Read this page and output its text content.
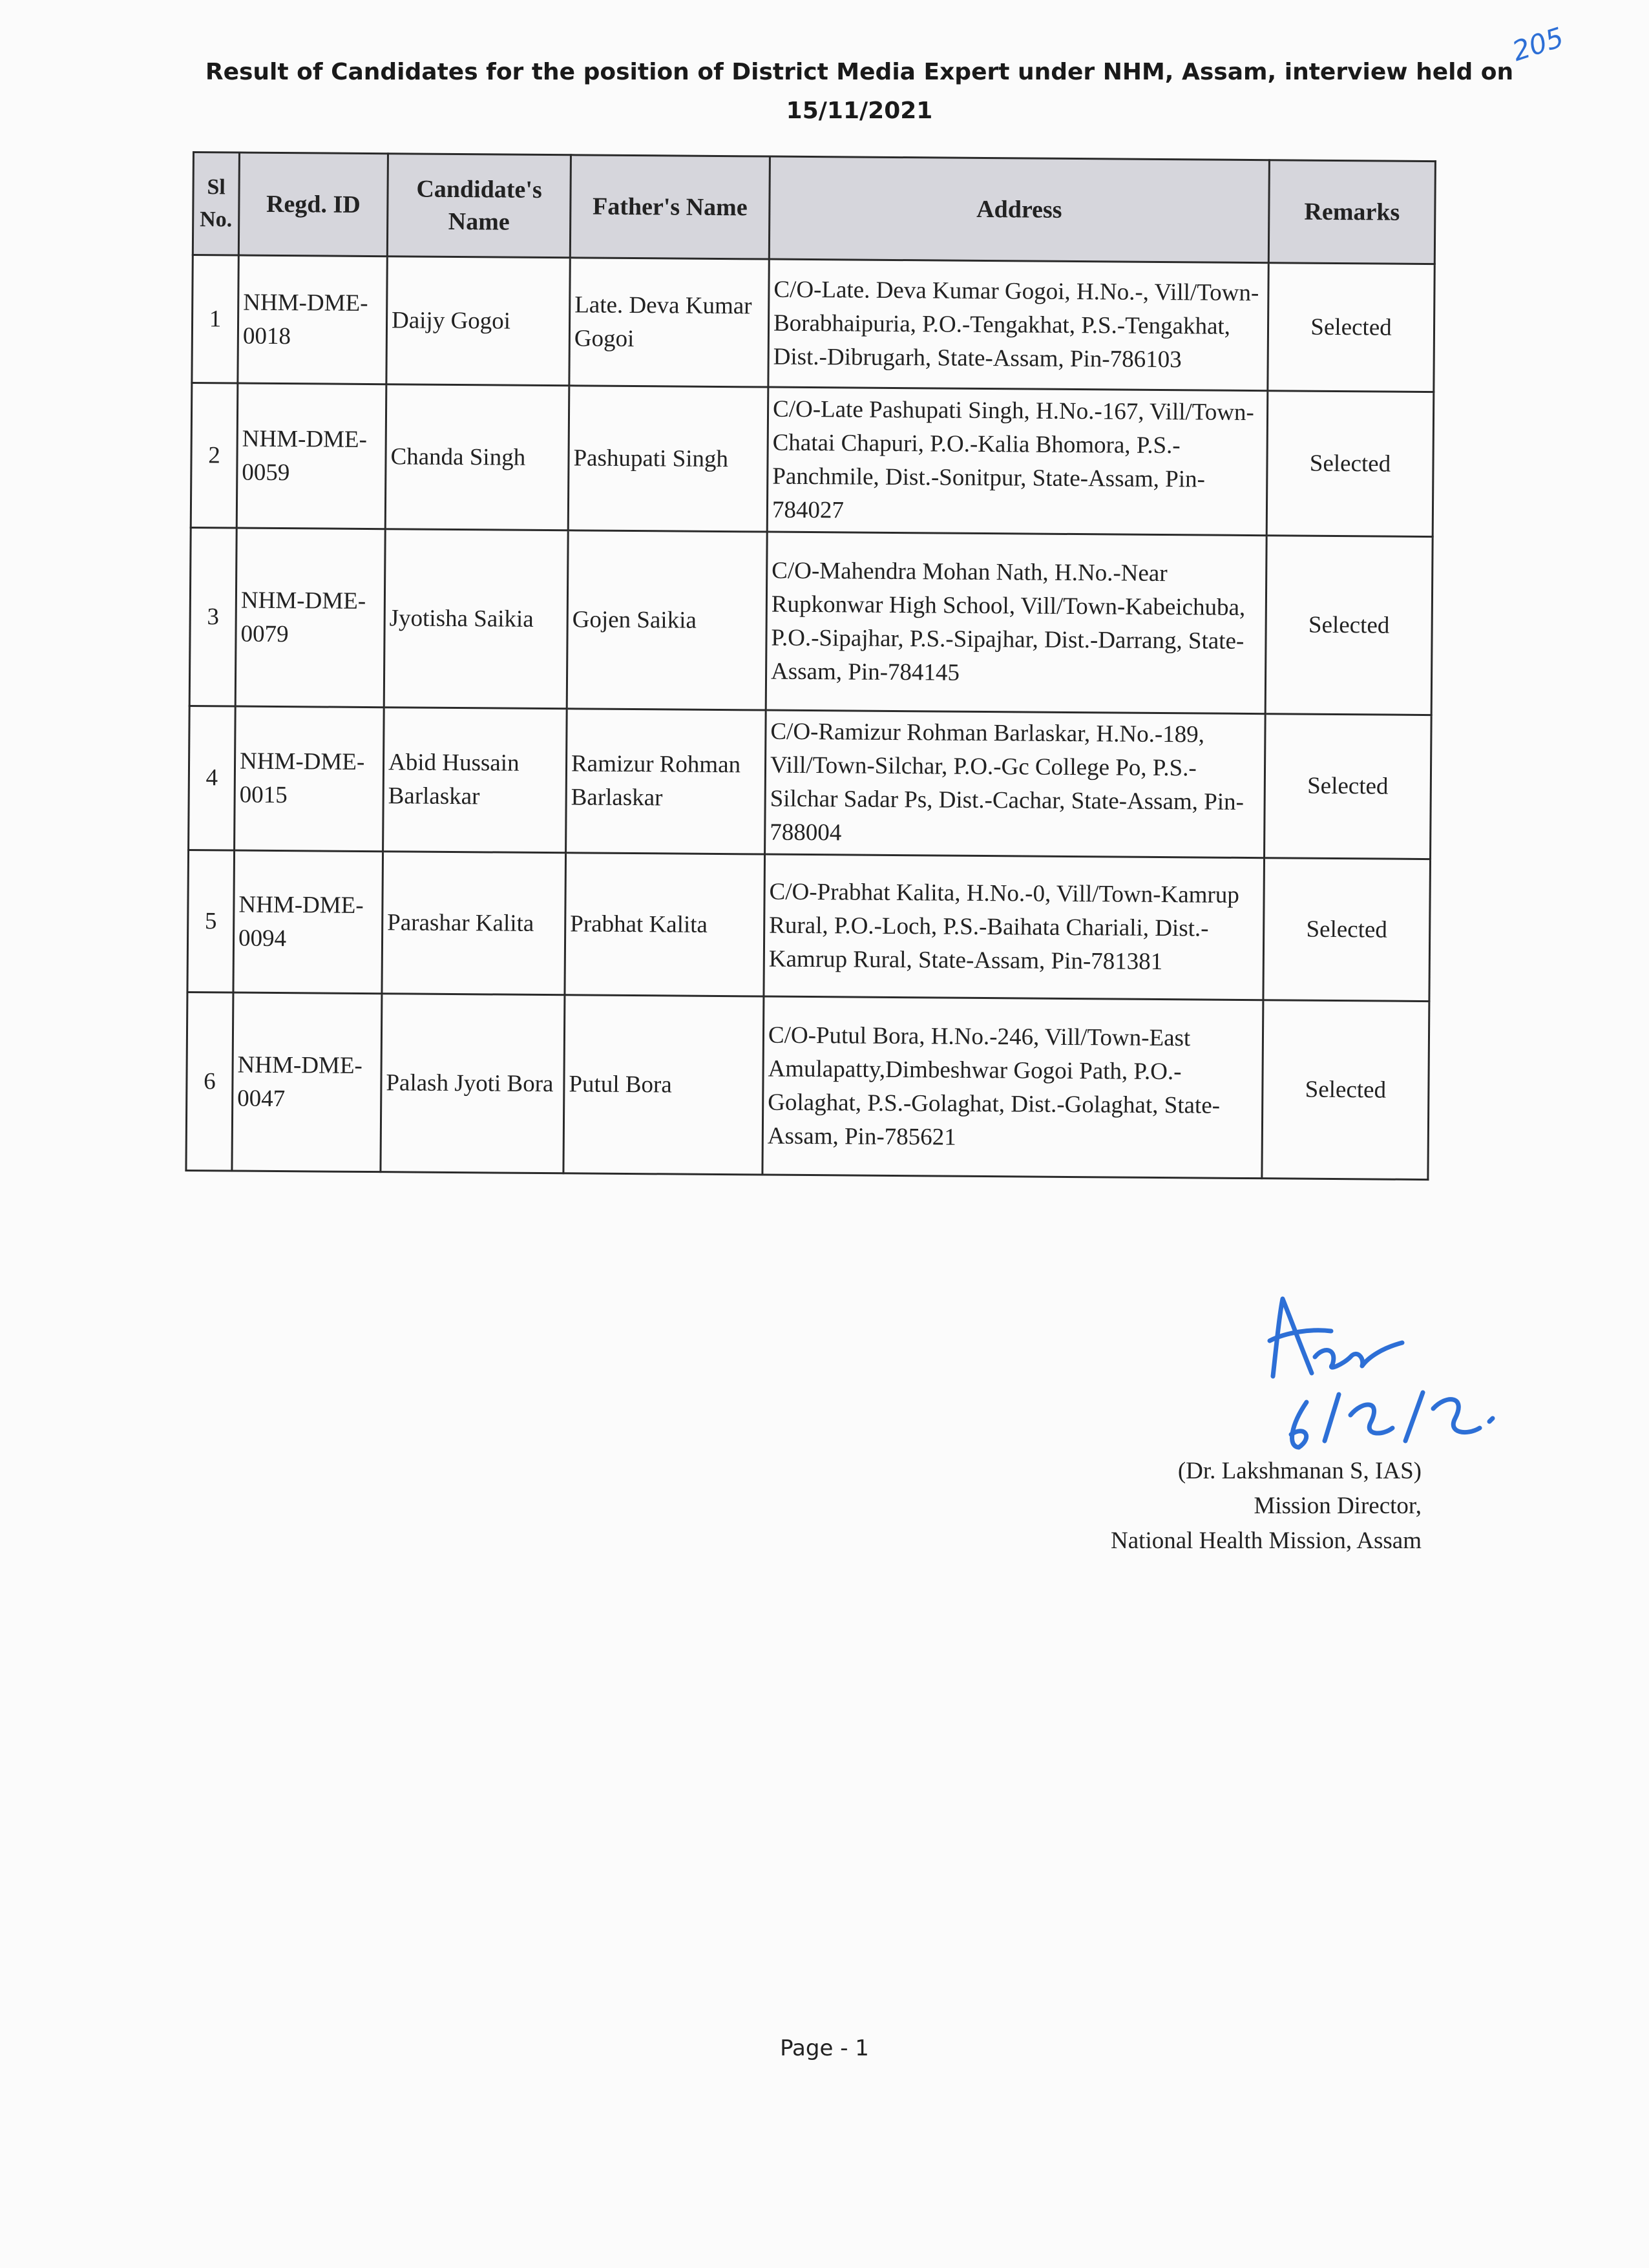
205
Result of Candidates for the position of District Media Expert under NHM, Assam, interview held on 15/11/2021
Sl No.	Regd. ID	Candidate's Name	Father's Name	Address	Remarks
1	NHM-DME-0018	Daijy Gogoi	Late. Deva Kumar Gogoi	C/O-Late. Deva Kumar Gogoi, H.No.-, Vill/Town-Borabhaipuria, P.O.-Tengakhat, P.S.-Tengakhat, Dist.-Dibrugarh, State-Assam, Pin-786103	Selected
2	NHM-DME-0059	Chanda Singh	Pashupati Singh	C/O-Late Pashupati Singh, H.No.-167, Vill/Town-Chatai Chapuri, P.O.-Kalia Bhomora, P.S.-Panchmile, Dist.-Sonitpur, State-Assam, Pin-784027	Selected
3	NHM-DME-0079	Jyotisha Saikia	Gojen Saikia	C/O-Mahendra Mohan Nath, H.No.-Near Rupkonwar High School, Vill/Town-Kabeichuba, P.O.-Sipajhar, P.S.-Sipajhar, Dist.-Darrang, State-Assam, Pin-784145	Selected
4	NHM-DME-0015	Abid Hussain Barlaskar	Ramizur Rohman Barlaskar	C/O-Ramizur Rohman Barlaskar, H.No.-189, Vill/Town-Silchar, P.O.-Gc College Po, P.S.-Silchar Sadar Ps, Dist.-Cachar, State-Assam, Pin-788004	Selected
5	NHM-DME-0094	Parashar Kalita	Prabhat Kalita	C/O-Prabhat Kalita, H.No.-0, Vill/Town-Kamrup Rural, P.O.-Loch, P.S.-Baihata Chariali, Dist.-Kamrup Rural, State-Assam, Pin-781381	Selected
6	NHM-DME-0047	Palash Jyoti Bora	Putul Bora	C/O-Putul Bora, H.No.-246, Vill/Town-East Amulapatty,Dimbeshwar Gogoi Path, P.O.-Golaghat, P.S.-Golaghat, Dist.-Golaghat, State-Assam, Pin-785621	Selected
(Dr. Lakshmanan S, IAS)
Mission Director,
National Health Mission, Assam
Page - 1
